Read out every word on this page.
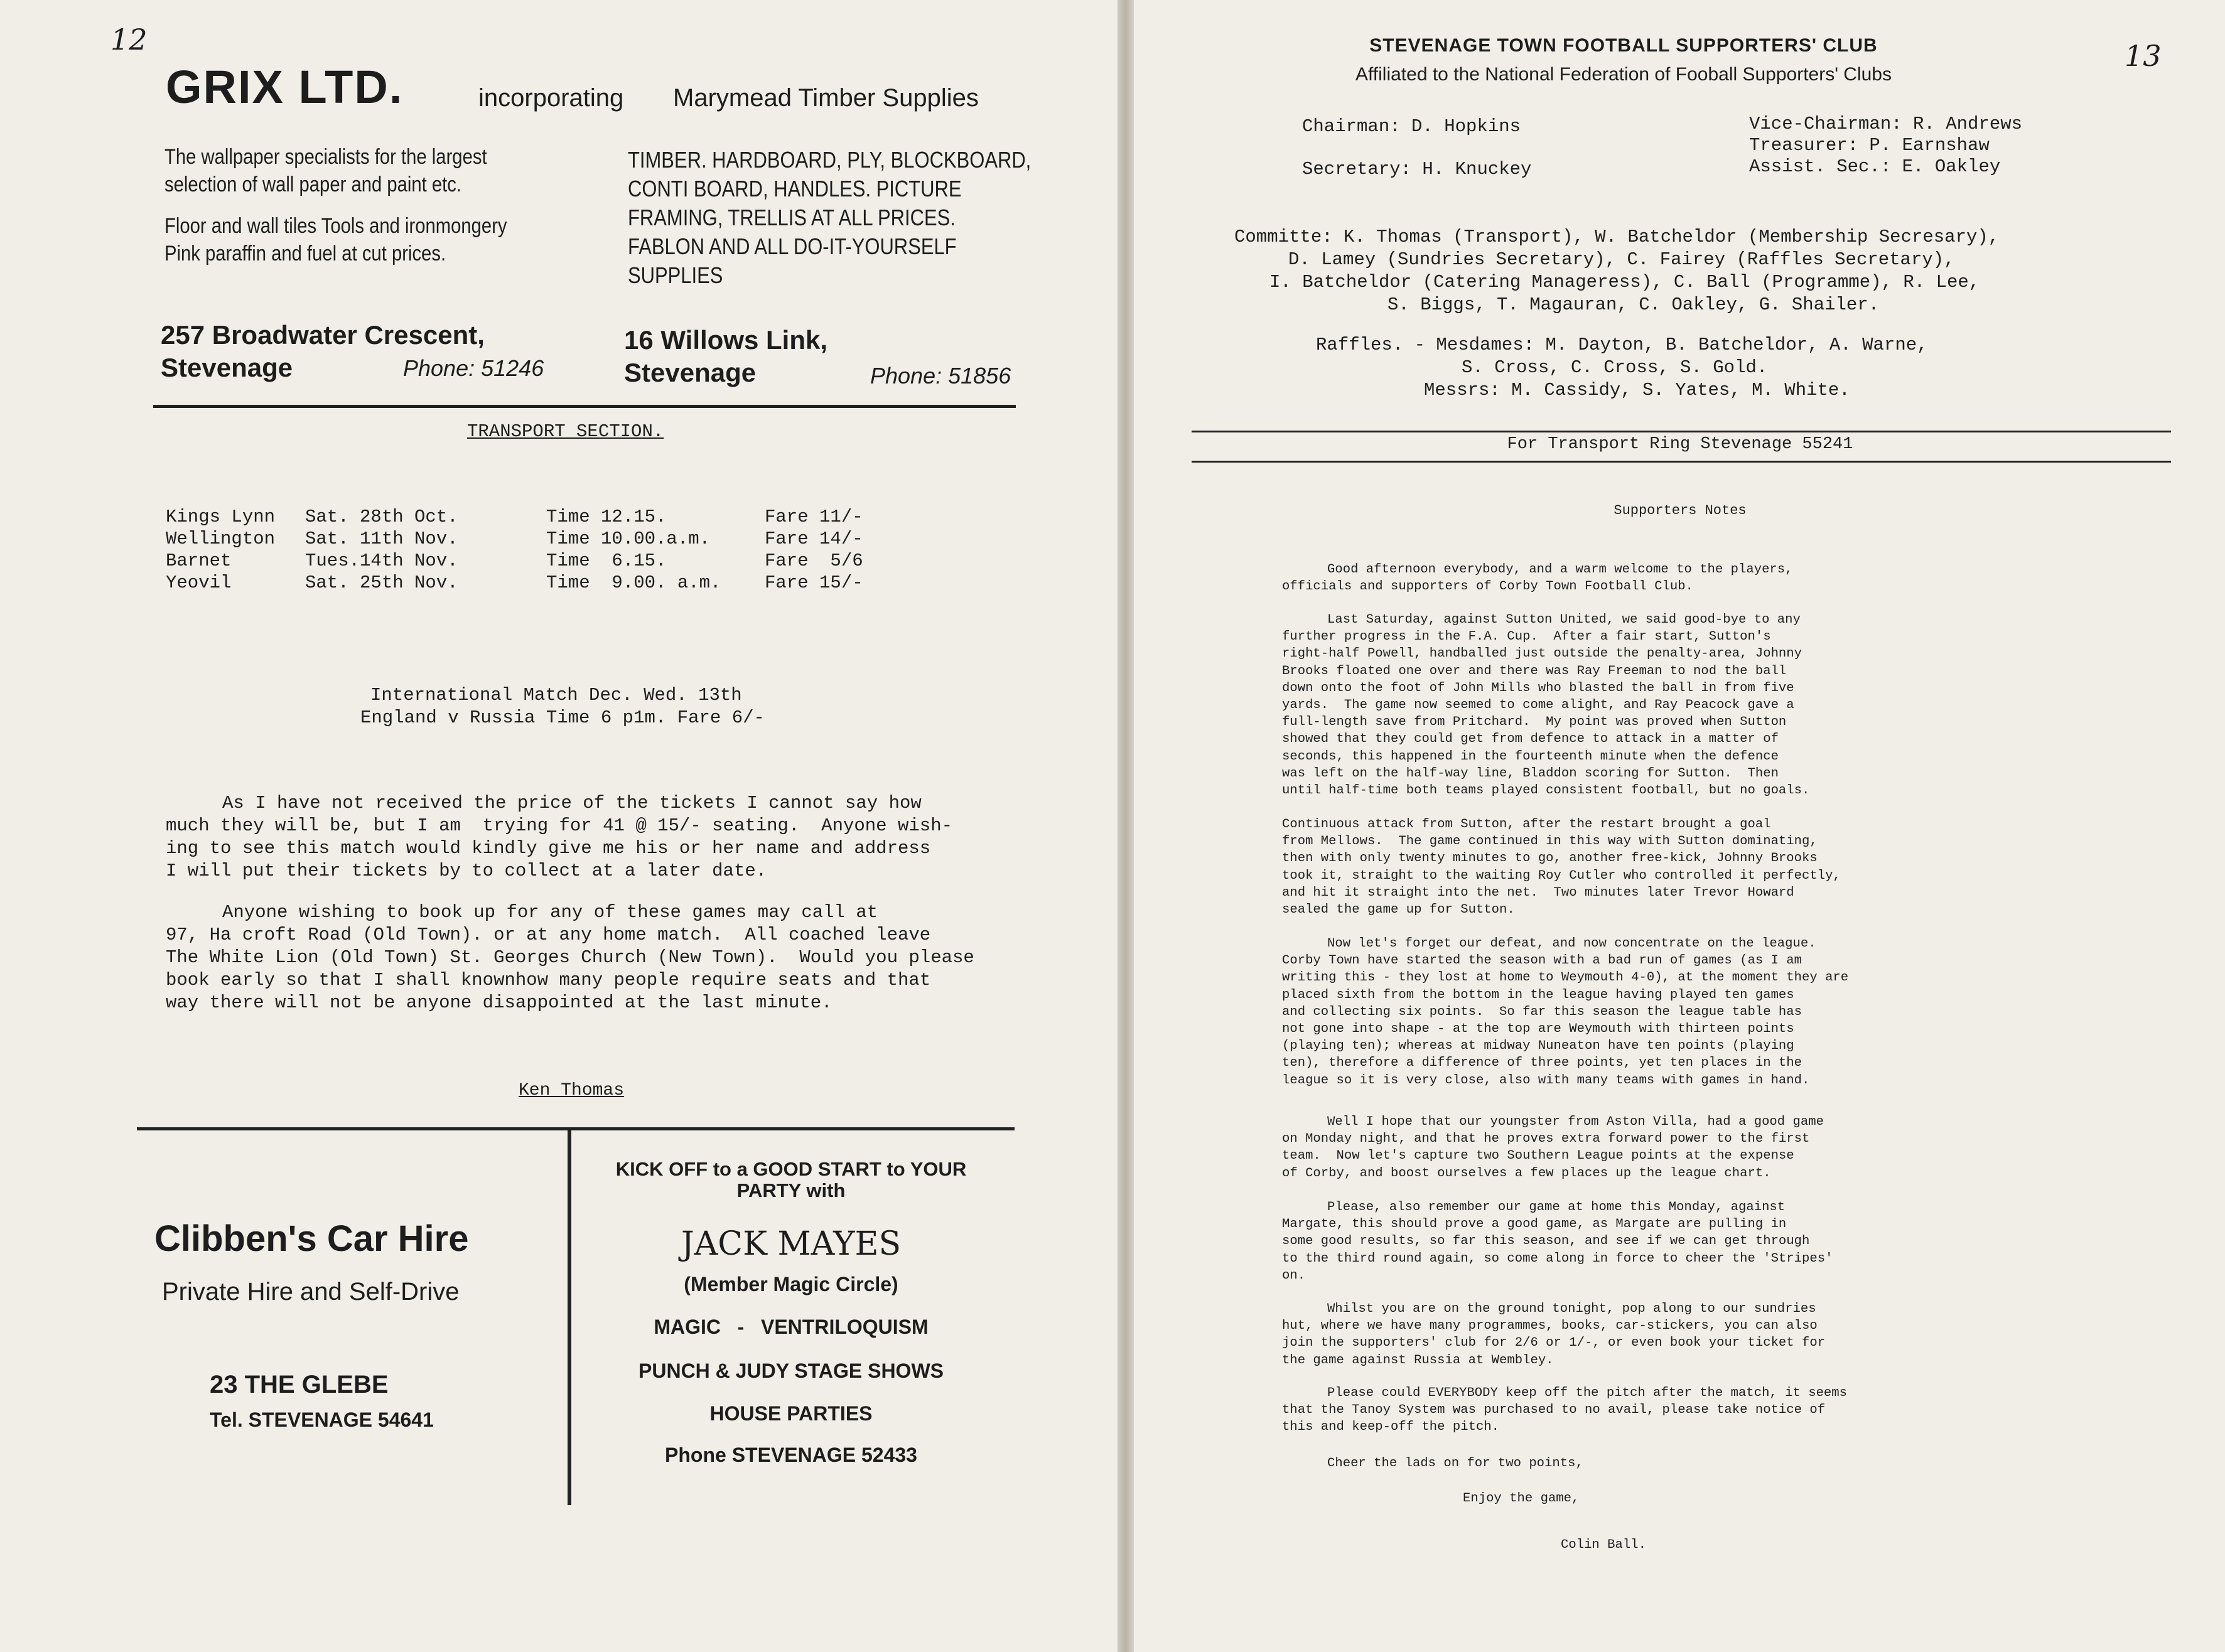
12
GRIX LTD.	incorporating Marymead Timber Supplies
The wallpaper specialists for the largest
selection of wall paper and paint etc.
Floor and wall tiles Tools and ironmongery
Pink paraffin and fuel at cut prices.
TIMBER. HARDBOARD, PLY, BLOCKBOARD,
CONTI BOARD, HANDLES. PICTURE
FRAMING, TRELLIS AT ALL PRICES.
FABLON AND ALL DO-IT-YOURSELF
SUPPLIES
257 Broadwater Crescent,
Stevenage	Phone: 51246
16 Willows Link,
Stevenage	Phone: 51856
TRANSPORT SECTION.
Kings Lynn Sat. 28th Oct.	Time 12.15.	Fare 11/-
Wellington Sat. 11th Nov.	Time 10.00.a.m.	Fare 14/-
Barnet	Tues.14th Nov.	Time  6.15.	Fare  5/6
Yeovil	Sat. 25th Nov.	Time  9.00. a.m. Fare 15/-
International Match Dec. Wed. 13th
England v Russia Time 6 p1m. Fare 6/-
As I have not received the price of the tickets I cannot say how
much they will be, but I am  trying for 41 @ 15/- seating.  Anyone wish-
ing to see this match would kindly give me his or her name and address
I will put their tickets by to collect at a later date.
Anyone wishing to book up for any of these games may call at
97, Ha croft Road (Old Town). or at any home match.  All coached leave
The White Lion (Old Town) St. Georges Church (New Town).  Would you please
book early so that I shall knownhow many people require seats and that
way there will not be anyone disappointed at the last minute.
Ken Thomas
Clibben's Car Hire
Private Hire and Self-Drive
23 THE GLEBE
Tel. STEVENAGE 54641
KICK OFF to a GOOD START to YOUR
PARTY with
JACK MAYES
(Member Magic Circle)
MAGIC   -   VENTRILOQUISM
PUNCH & JUDY STAGE SHOWS
HOUSE PARTIES
Phone STEVENAGE 52433
13
STEVENAGE TOWN FOOTBALL SUPPORTERS' CLUB
Affiliated to the National Federation of Fooball Supporters' Clubs
Chairman: D. Hopkins
Secretary: H. Knuckey
Vice-Chairman: R. Andrews
Treasurer: P. Earnshaw
Assist. Sec.: E. Oakley
Committe: K. Thomas (Transport), W. Batcheldor (Membership Secresary),
D. Lamey (Sundries Secretary), C. Fairey (Raffles Secretary),
I. Batcheldor (Catering Manageress), C. Ball (Programme), R. Lee,
S. Biggs, T. Magauran, C. Oakley, G. Shailer.
Raffles. - Mesdames: M. Dayton, B. Batcheldor, A. Warne,
S. Cross, C. Cross, S. Gold.
Messrs: M. Cassidy, S. Yates, M. White.
For Transport Ring Stevenage 55241
Supporters Notes
Good afternoon everybody, and a warm welcome to the players,
officials and supporters of Corby Town Football Club.
Last Saturday, against Sutton United, we said good-bye to any
further progress in the F.A. Cup.  After a fair start, Sutton's
right-half Powell, handballed just outside the penalty-area, Johnny
Brooks floated one over and there was Ray Freeman to nod the ball
down onto the foot of John Mills who blasted the ball in from five
yards.  The game now seemed to come alight, and Ray Peacock gave a
full-length save from Pritchard.  My point was proved when Sutton
showed that they could get from defence to attack in a matter of
seconds, this happened in the fourteenth minute when the defence
was left on the half-way line, Bladdon scoring for Sutton.  Then
until half-time both teams played consistent football, but no goals.
Continuous attack from Sutton, after the restart brought a goal
from Mellows.  The game continued in this way with Sutton dominating,
then with only twenty minutes to go, another free-kick, Johnny Brooks
took it, straight to the waiting Roy Cutler who controlled it perfectly,
and hit it straight into the net.  Two minutes later Trevor Howard
sealed the game up for Sutton.
Now let's forget our defeat, and now concentrate on the league.
Corby Town have started the season with a bad run of games (as I am
writing this - they lost at home to Weymouth 4-0), at the moment they are
placed sixth from the bottom in the league having played ten games
and collecting six points.  So far this season the league table has
not gone into shape - at the top are Weymouth with thirteen points
(playing ten); whereas at midway Nuneaton have ten points (playing
ten), therefore a difference of three points, yet ten places in the
league so it is very close, also with many teams with games in hand.
Well I hope that our youngster from Aston Villa, had a good game
on Monday night, and that he proves extra forward power to the first
team.  Now let's capture two Southern League points at the expense
of Corby, and boost ourselves a few places up the league chart.
Please, also remember our game at home this Monday, against
Margate, this should prove a good game, as Margate are pulling in
some good results, so far this season, and see if we can get through
to the third round again, so come along in force to cheer the 'Stripes'
on.
Whilst you are on the ground tonight, pop along to our sundries
hut, where we have many programmes, books, car-stickers, you can also
join the supporters' club for 2/6 or 1/-, or even book your ticket for
the game against Russia at Wembley.
Please could EVERYBODY keep off the pitch after the match, it seems
that the Tanoy System was purchased to no avail, please take notice of
this and keep-off the pitch.
Cheer the lads on for two points,
Enjoy the game,
Colin Ball.
